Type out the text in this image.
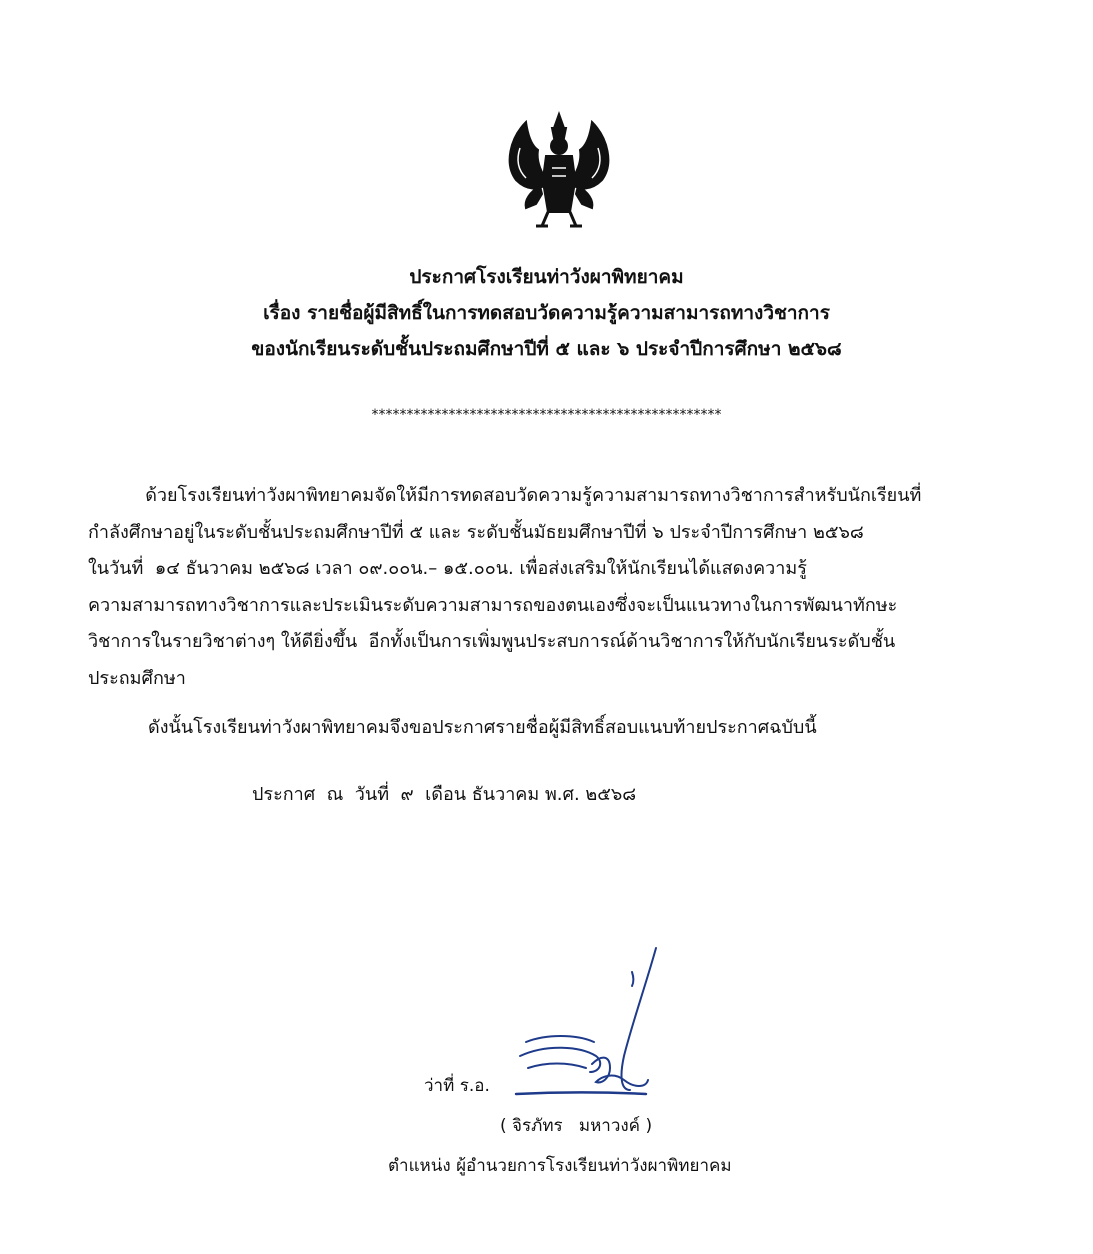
ประกาศโรงเรียนท่าวังผาพิทยาคม
เรื่อง รายชื่อผู้มีสิทธิ์ในการทดสอบวัดความรู้ความสามารถทางวิชาการ
ของนักเรียนระดับชั้นประถมศึกษาปีที่ ๕ และ ๖ ประจำปีการศึกษา ๒๕๖๘
**************************************************
ด้วยโรงเรียนท่าวังผาพิทยาคมจัดให้มีการทดสอบวัดความรู้ความสามารถทางวิชาการสำหรับนักเรียนที่
กำลังศึกษาอยู่ในระดับชั้นประถมศึกษาปีที่ ๕ และ ระดับชั้นมัธยมศึกษาปีที่ ๖ ประจำปีการศึกษา ๒๕๖๘
ในวันที่  ๑๔ ธันวาคม ๒๕๖๘ เวลา ๐๙.๐๐น.– ๑๕.๐๐น. เพื่อส่งเสริมให้นักเรียนได้แสดงความรู้
ความสามารถทางวิชาการและประเมินระดับความสามารถของตนเองซึ่งจะเป็นแนวทางในการพัฒนาทักษะ
วิชาการในรายวิชาต่างๆ ให้ดียิ่งขึ้น  อีกทั้งเป็นการเพิ่มพูนประสบการณ์ด้านวิชาการให้กับนักเรียนระดับชั้น
ประถมศึกษา
ดังนั้นโรงเรียนท่าวังผาพิทยาคมจึงขอประกาศรายชื่อผู้มีสิทธิ์สอบแนบท้ายประกาศฉบับนี้
ประกาศ  ณ  วันที่  ๙  เดือน ธันวาคม พ.ศ. ๒๕๖๘
ว่าที่ ร.อ.
( จิรภัทร   มหาวงค์ )
ตำแหน่ง ผู้อำนวยการโรงเรียนท่าวังผาพิทยาคม
